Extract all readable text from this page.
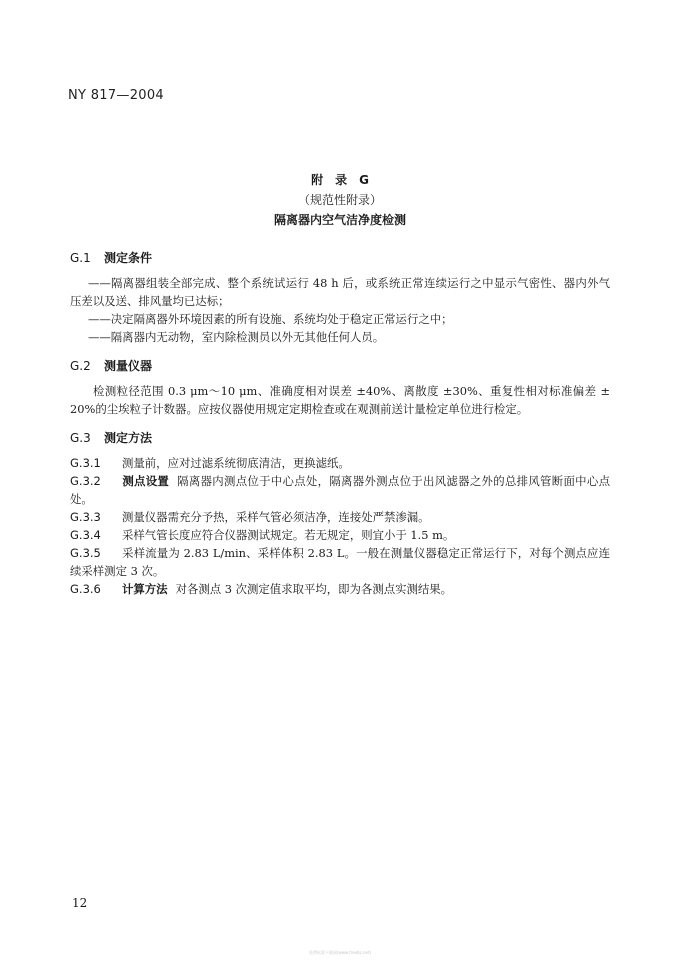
NY 817—2004
附　录　G
（规范性附录）
隔离器内空气洁净度检测
G.1	测定条件

——隔离器组装全部完成、整个系统试运行 48 h 后，或系统正常连续运行之中显示气密性、器内外气压差以及送、排风量均已达标；

——决定隔离器外环境因素的所有设施、系统均处于稳定正常运行之中；

——隔离器内无动物，室内除检测员以外无其他任何人员。

G.2	测量仪器

检测粒径范围 0.3 μm～10 μm、准确度相对误差 ±40%、离散度 ±30%、重复性相对标准偏差 ± 20%的尘埃粒子计数器。应按仪器使用规定定期检查或在观测前送计量检定单位进行检定。

G.3	测定方法

G.3.1 测量前，应对过滤系统彻底清洁，更换滤纸。

G.3.2 测点设置 隔离器内测点位于中心点处，隔离器外测点位于出风滤器之外的总排风管断面中心点处。

G.3.3 测量仪器需充分予热，采样气管必须洁净，连接处严禁渗漏。

G.3.4 采样气管长度应符合仪器测试规定。若无规定，则宜小于 1.5 m。

G.3.5 采样流量为 2.83 L/min、采样体积 2.83 L。一般在测量仪器稳定正常运行下，对每个测点应连续采样测定 3 次。

G.3.6 计算方法 对各测点 3 次测定值求取平均，即为各测点实测结果。

12
免费标准下载网(www.freebz.net)
